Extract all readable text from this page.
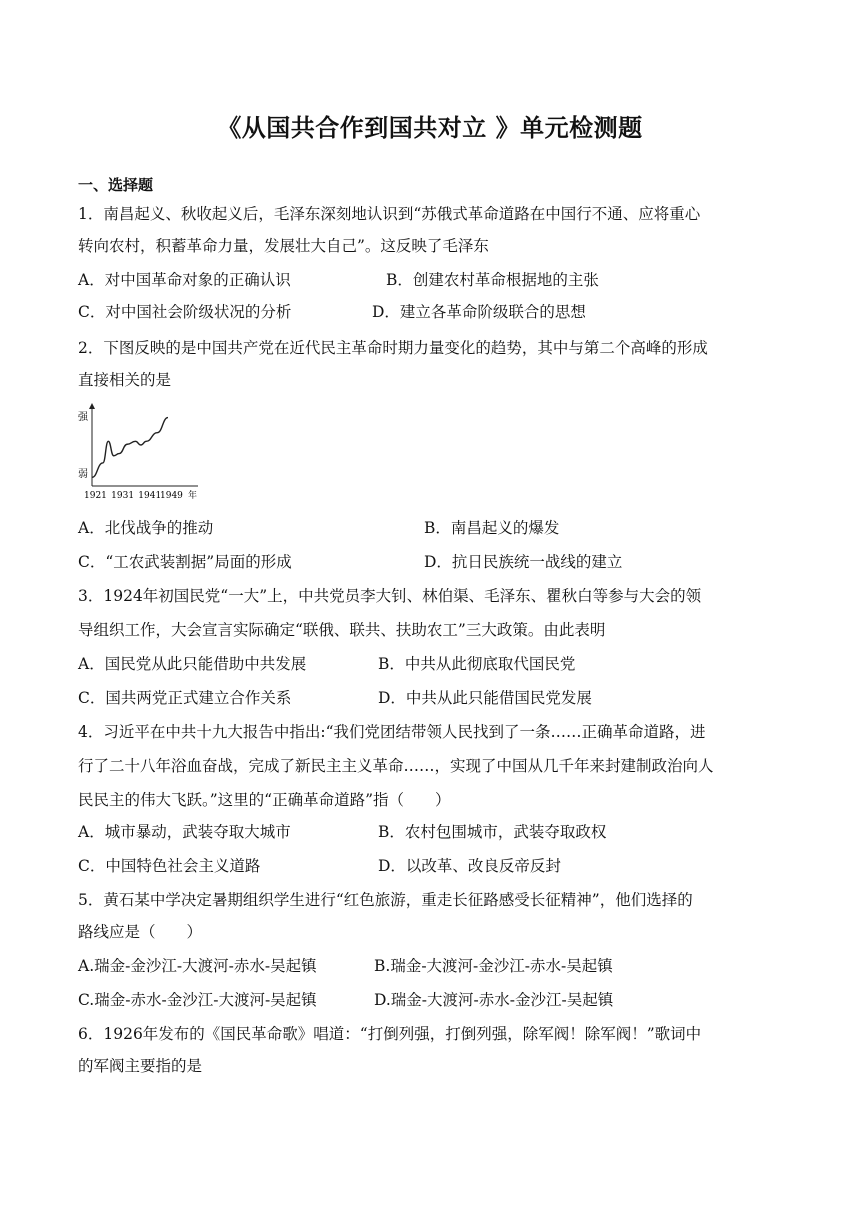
《从国共合作到国共对立 》单元检测题
一、选择题
1．南昌起义、秋收起义后，毛泽东深刻地认识到“苏俄式革命道路在中国行不通、应将重心
转向农村，积蓄革命力量，发展壮大自己”。这反映了毛泽东
A．对中国革命对象的正确认识	B．创建农村革命根据地的主张
C．对中国社会阶级状况的分析	D．建立各革命阶级联合的思想
2．下图反映的是中国共产党在近代民主革命时期力量变化的趋势，其中与第二个高峰的形成
直接相关的是
强
弱
1921 1931 1941
1949 年
A．北伐战争的推动	B．南昌起义的爆发
C．“工农武装割据”局面的形成	D．抗日民族统一战线的建立
3．1924年初国民党“一大”上，中共党员李大钊、林伯渠、毛泽东、瞿秋白等参与大会的领
导组织工作，大会宣言实际确定“联俄、联共、扶助农工”三大政策。由此表明
A．国民党从此只能借助中共发展	B．中共从此彻底取代国民党
C．国共两党正式建立合作关系	D．中共从此只能借国民党发展
4．习近平在中共十九大报告中指出:“我们党团结带领人民找到了一条……正确革命道路，进
行了二十八年浴血奋战，完成了新民主主义革命……，实现了中国从几千年来封建制政治向人
民民主的伟大飞跃。”这里的“正确革命道路”指（　　）
A．城市暴动，武装夺取大城市	B．农村包围城市，武装夺取政权
C．中国特色社会主义道路	D．以改革、改良反帝反封
5．黄石某中学决定暑期组织学生进行“红色旅游，重走长征路感受长征精神”，他们选择的
路线应是（　　）
A.瑞金-金沙江-大渡河-赤水-吴起镇	B.瑞金-大渡河-金沙江-赤水-吴起镇
C.瑞金-赤水-金沙江-大渡河-吴起镇	D.瑞金-大渡河-赤水-金沙江-吴起镇
6．1926年发布的《国民革命歌》唱道：“打倒列强，打倒列强，除军阀！除军阀！”歌词中
的军阀主要指的是
